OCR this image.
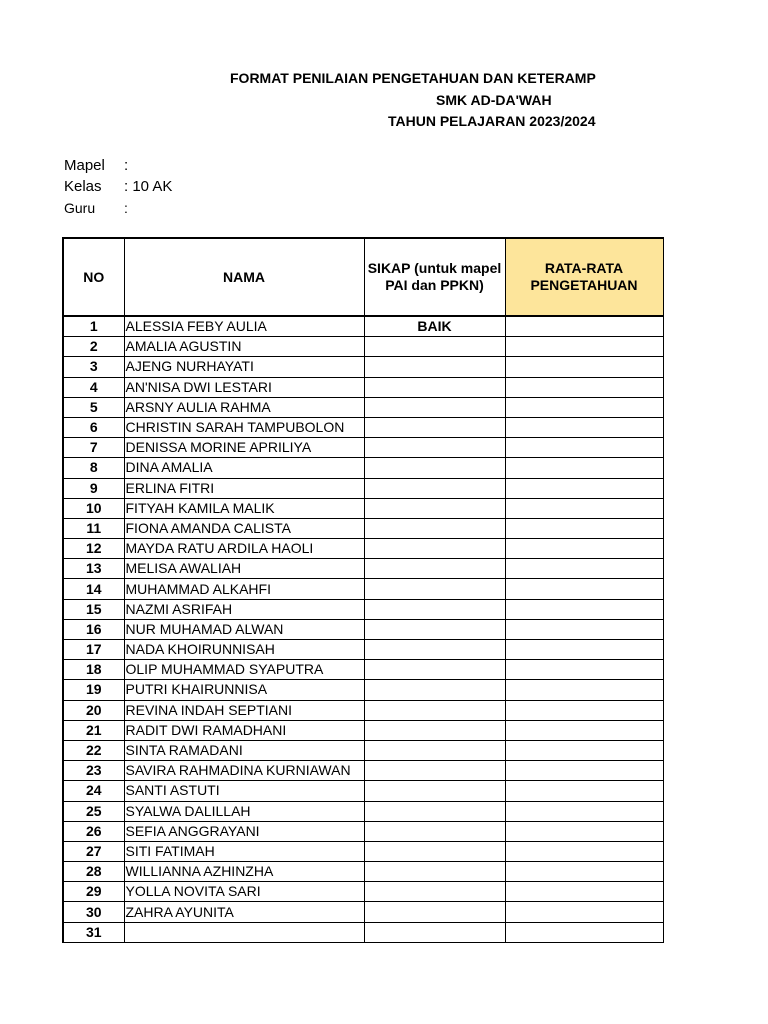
FORMAT PENILAIAN PENGETAHUAN DAN KETERAMP
SMK AD-DA'WAH
TAHUN PELAJARAN 2023/2024
Mapel :
Kelas : 10 AK
Guru :
NO	NAMA	SIKAP (untuk mapel PAI dan PPKN)	RATA-RATA PENGETAHUAN
1	ALESSIA FEBY AULIA	BAIK	
2	AMALIA AGUSTIN		
3	AJENG NURHAYATI		
4	AN'NISA DWI LESTARI		
5	ARSNY AULIA RAHMA		
6	CHRISTIN SARAH TAMPUBOLON		
7	DENISSA MORINE APRILIYA		
8	DINA AMALIA		
9	ERLINA FITRI		
10	FITYAH KAMILA MALIK		
11	FIONA AMANDA CALISTA		
12	MAYDA RATU ARDILA HAOLI		
13	MELISA AWALIAH		
14	MUHAMMAD ALKAHFI		
15	NAZMI ASRIFAH		
16	NUR MUHAMAD ALWAN		
17	NADA KHOIRUNNISAH		
18	OLIP MUHAMMAD SYAPUTRA		
19	PUTRI KHAIRUNNISA		
20	REVINA INDAH SEPTIANI		
21	RADIT DWI RAMADHANI		
22	SINTA RAMADANI		
23	SAVIRA RAHMADINA KURNIAWAN		
24	SANTI ASTUTI		
25	SYALWA DALILLAH		
26	SEFIA ANGGRAYANI		
27	SITI FATIMAH		
28	WILLIANNA AZHINZHA		
29	YOLLA NOVITA SARI		
30	ZAHRA AYUNITA		
31			
